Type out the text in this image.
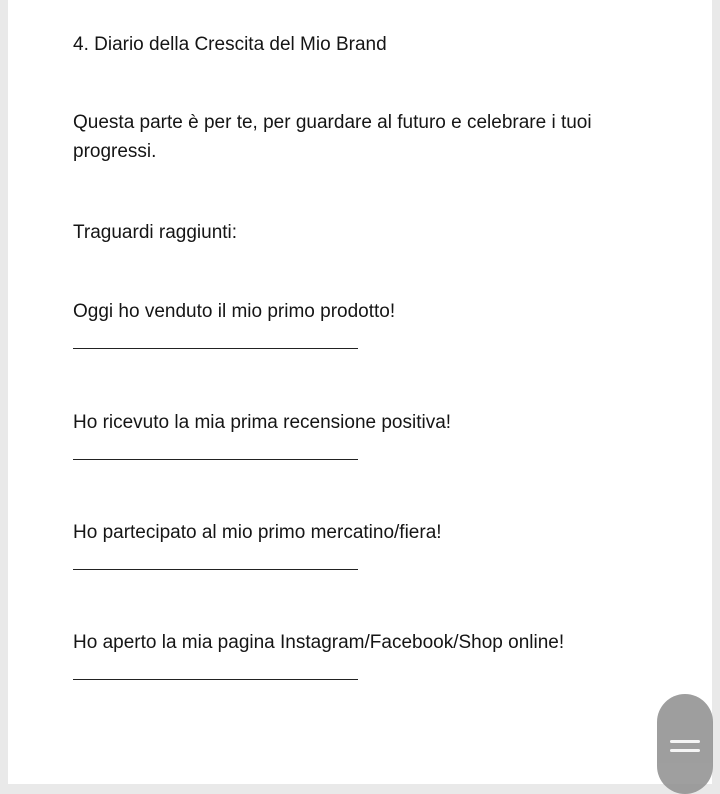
4. Diario della Crescita del Mio Brand
Questa parte è per te, per guardare al futuro e celebrare i tuoi progressi.
Traguardi raggiunti:
Oggi ho venduto il mio primo prodotto!
Ho ricevuto la mia prima recensione positiva!
Ho partecipato al mio primo mercatino/fiera!
Ho aperto la mia pagina Instagram/Facebook/Shop online!
